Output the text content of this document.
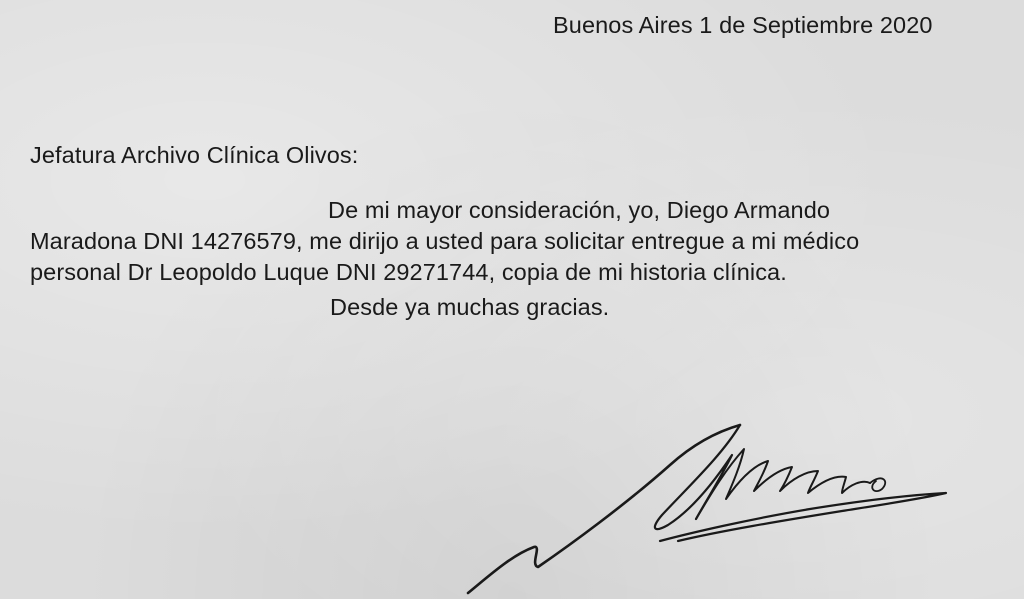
Buenos Aires 1 de Septiembre 2020
Jefatura Archivo Clínica Olivos:
De mi mayor consideración, yo, Diego Armando
Maradona DNI 14276579, me dirijo a usted para solicitar entregue a mi médico
personal Dr Leopoldo Luque DNI 29271744, copia de mi historia clínica.
Desde ya muchas gracias.
